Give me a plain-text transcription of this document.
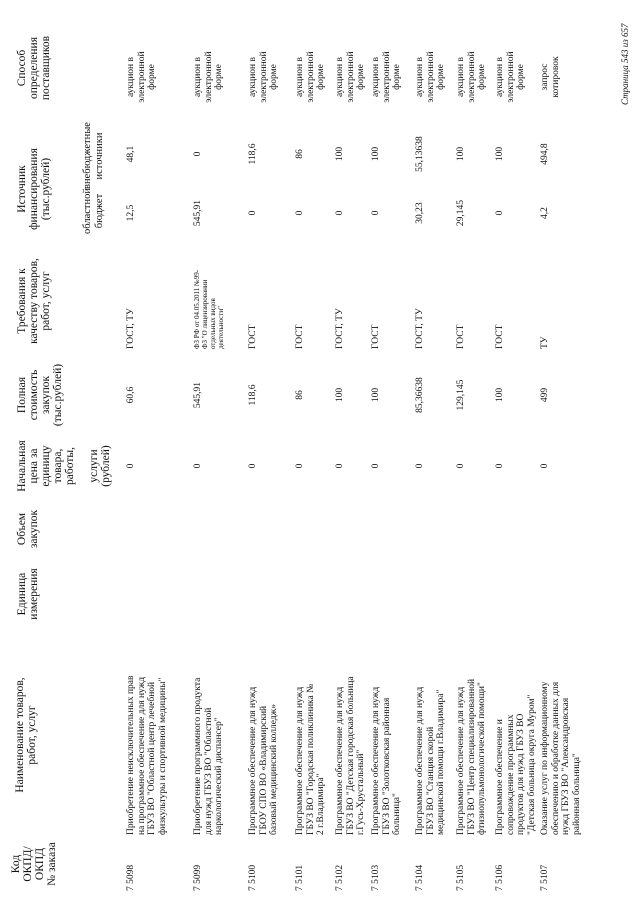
Код
ОКПД/
ОКПД
№ заказа
Наименование товаров,
работ, услуг
Единица
измерения
Объем
закупок
Начальная
цена за
единицу
товара,
работы,

услуги
(рублей)
Полная
стоимость
закупок
(тыс.рублей)
Требования к
качеству товаров,
работ, услуг
Источник
финансирования
(тыс.рублей)	областной
бюджет
внебюджетные
источники
Способ
определения
поставщиков
7 5098
Приобретение неисключительных прав
на программное обеспечение для нужд
ГБУЗ ВО "Областной центр лечебной
физкультуры и спортивной медицины"
0
60,6
ГОСТ, ТУ
12,5
48,1
аукцион в
электронной
форме
7 5099
Приобретение программного продукта
для нужд ГБУЗ ВО "Областной
наркологический диспансер"
0
545,91
ФЗ РФ от 04.05.2011 №99-
ФЗ "О лицензировании
отдельных видов
деятельности"
545,91
0
аукцион в
электронной
форме
7 5100
Программное обеспечение для нужд
ГБОУ СПО ВО «Владимирский
базовый медицинский колледж»
0
118,6
ГОСТ
0
118,6
аукцион в
электронной
форме
7 5101
Программное обеспечение для нужд
ГБУЗ ВО "Городская поликлиника №
2 г.Владимира"
0
86
ГОСТ
0
86
аукцион в
электронной
форме
7 5102
Программное обеспечение для нужд
ГБУЗ ВО "Детская городская больница
г.Гусь-Хрустальный"
0
100
ГОСТ, ТУ
0
100
аукцион в
электронной
форме
7 5103
Программное обеспечение для нужд
ГБУЗ ВО "Золотковская районная
больница"
0
100
ГОСТ
0
100
аукцион в
электронной
форме
7 5104
Программное обеспечение для нужд
ГБУЗ ВО "Станция скорой
медицинской помощи г.Владимира"
0
85,36638
ГОСТ, ТУ
30,23
55,13638
аукцион в
электронной
форме
7 5105
Программное обеспечение для нужд
ГБУЗ ВО "Центр специализированной
фтизиопульмонологической помощи"
0
129,145
ГОСТ
29,145
100
аукцион в
электронной
форме
7 5106
Программное обеспечение и
сопровождение программных
продуктов для нужд ГБУЗ ВО
"Детская больница округа Муром"
0
100
ГОСТ
0
100
аукцион в
электронной
форме
7 5107
Оказание услуг по информационному
обеспечению и обработке данных для
нужд ГБУЗ ВО "Александровская
районная больница"
0
499
ТУ
4,2
494,8
запрос
котировок	Страница 543 из 657
